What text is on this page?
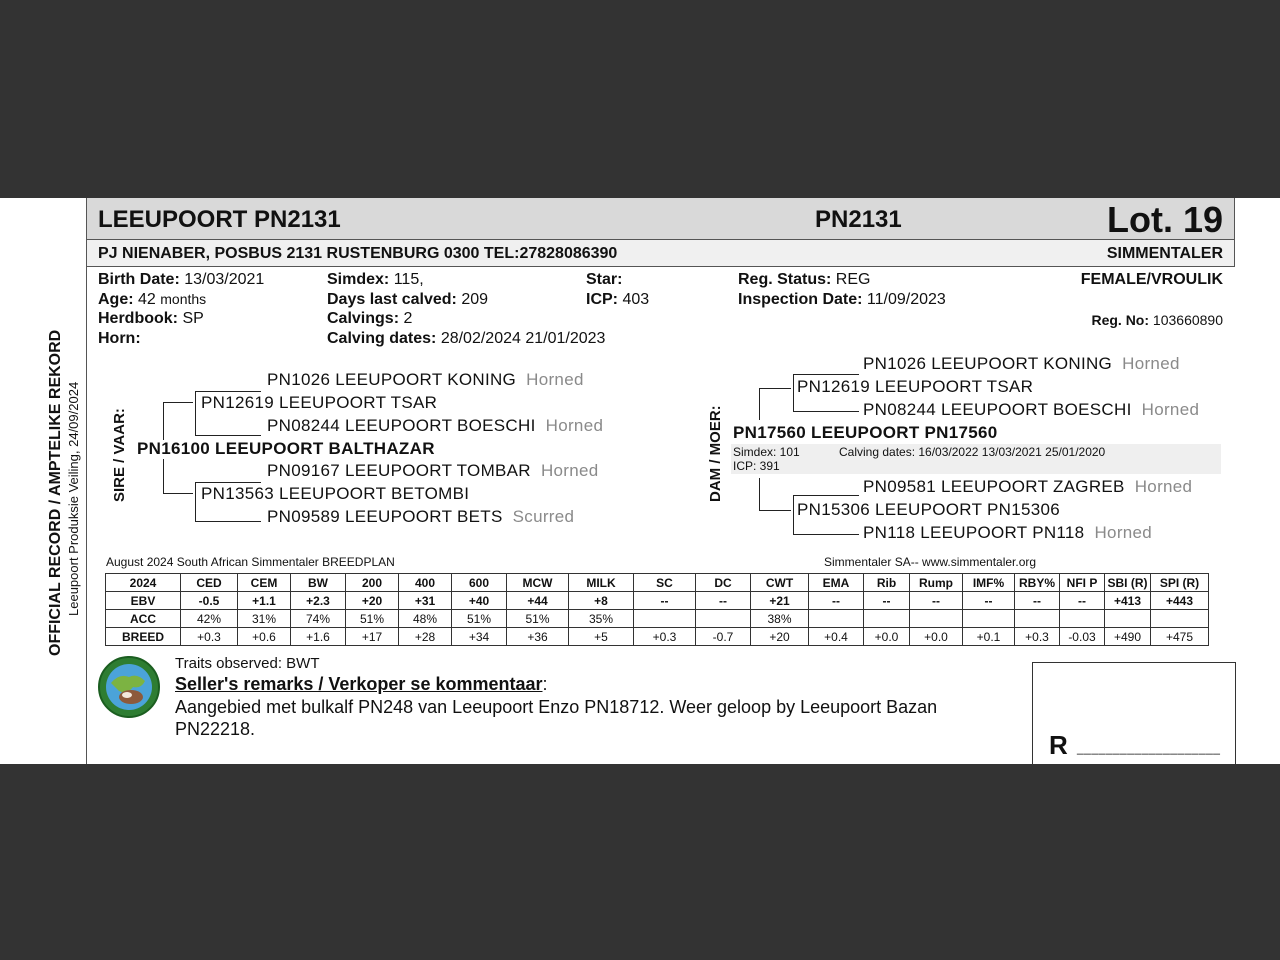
OFFICIAL RECORD / AMPTELIKE REKORD Leeupoort Produksie Veiling, 24/09/2024
LEEUPOORT PN2131	PN2131	Lot. 19
PJ NIENABER, POSBUS 2131 RUSTENBURG 0300 TEL:27828086390	SIMMENTALER
Birth Date: 13/03/2021
Age: 42 months
Herdbook: SP
Horn:
Simdex: 115,
Days last calved: 209
Calvings: 2
Calving dates: 28/02/2024 21/01/2023
Star:
ICP: 403
Reg. Status: REG
Inspection Date: 11/09/2023
FEMALE/VROULIK
Reg. No: 103660890
SIRE / VAAR:
PN1026 LEEUPOORT KONING Horned
PN12619 LEEUPOORT TSAR
PN08244 LEEUPOORT BOESCHI Horned
PN16100 LEEUPOORT BALTHAZAR
PN09167 LEEUPOORT TOMBAR Horned
PN13563 LEEUPOORT BETOMBI
PN09589 LEEUPOORT BETS Scurred
DAM / MOER:
PN1026 LEEUPOORT KONING Horned
PN12619 LEEUPOORT TSAR
PN08244 LEEUPOORT BOESCHI Horned
PN17560 LEEUPOORT PN17560
Simdex: 101	Calving dates: 16/03/2022 13/03/2021 25/01/2020
ICP: 391
PN09581 LEEUPOORT ZAGREB Horned
PN15306 LEEUPOORT PN15306
PN118 LEEUPOORT PN118 Horned
August 2024 South African Simmentaler BREEDPLAN	Simmentaler SA-- www.simmentaler.org
2024	CED	CEM	BW	200	400	600	MCW	MILK	SC	DC	CWT	EMA	Rib	Rump	IMF%	RBY%	NFI P	SBI (R)	SPI (R)
EBV	-0.5	+1.1	+2.3	+20	+31	+40	+44	+8	--	--	+21	--	--	--	--	--	--	+413	+443
ACC	42%	31%	74%	51%	48%	51%	51%	35%			38%								
BREED	+0.3	+0.6	+1.6	+17	+28	+34	+36	+5	+0.3	-0.7	+20	+0.4	+0.0	+0.0	+0.1	+0.3	-0.03	+490	+475
Traits observed: BWT
Seller's remarks / Verkoper se kommentaar:
Aangebied met bulkalf PN248 van Leeupoort Enzo PN18712. Weer geloop by Leeupoort Bazan
PN22218.
R ____________________
